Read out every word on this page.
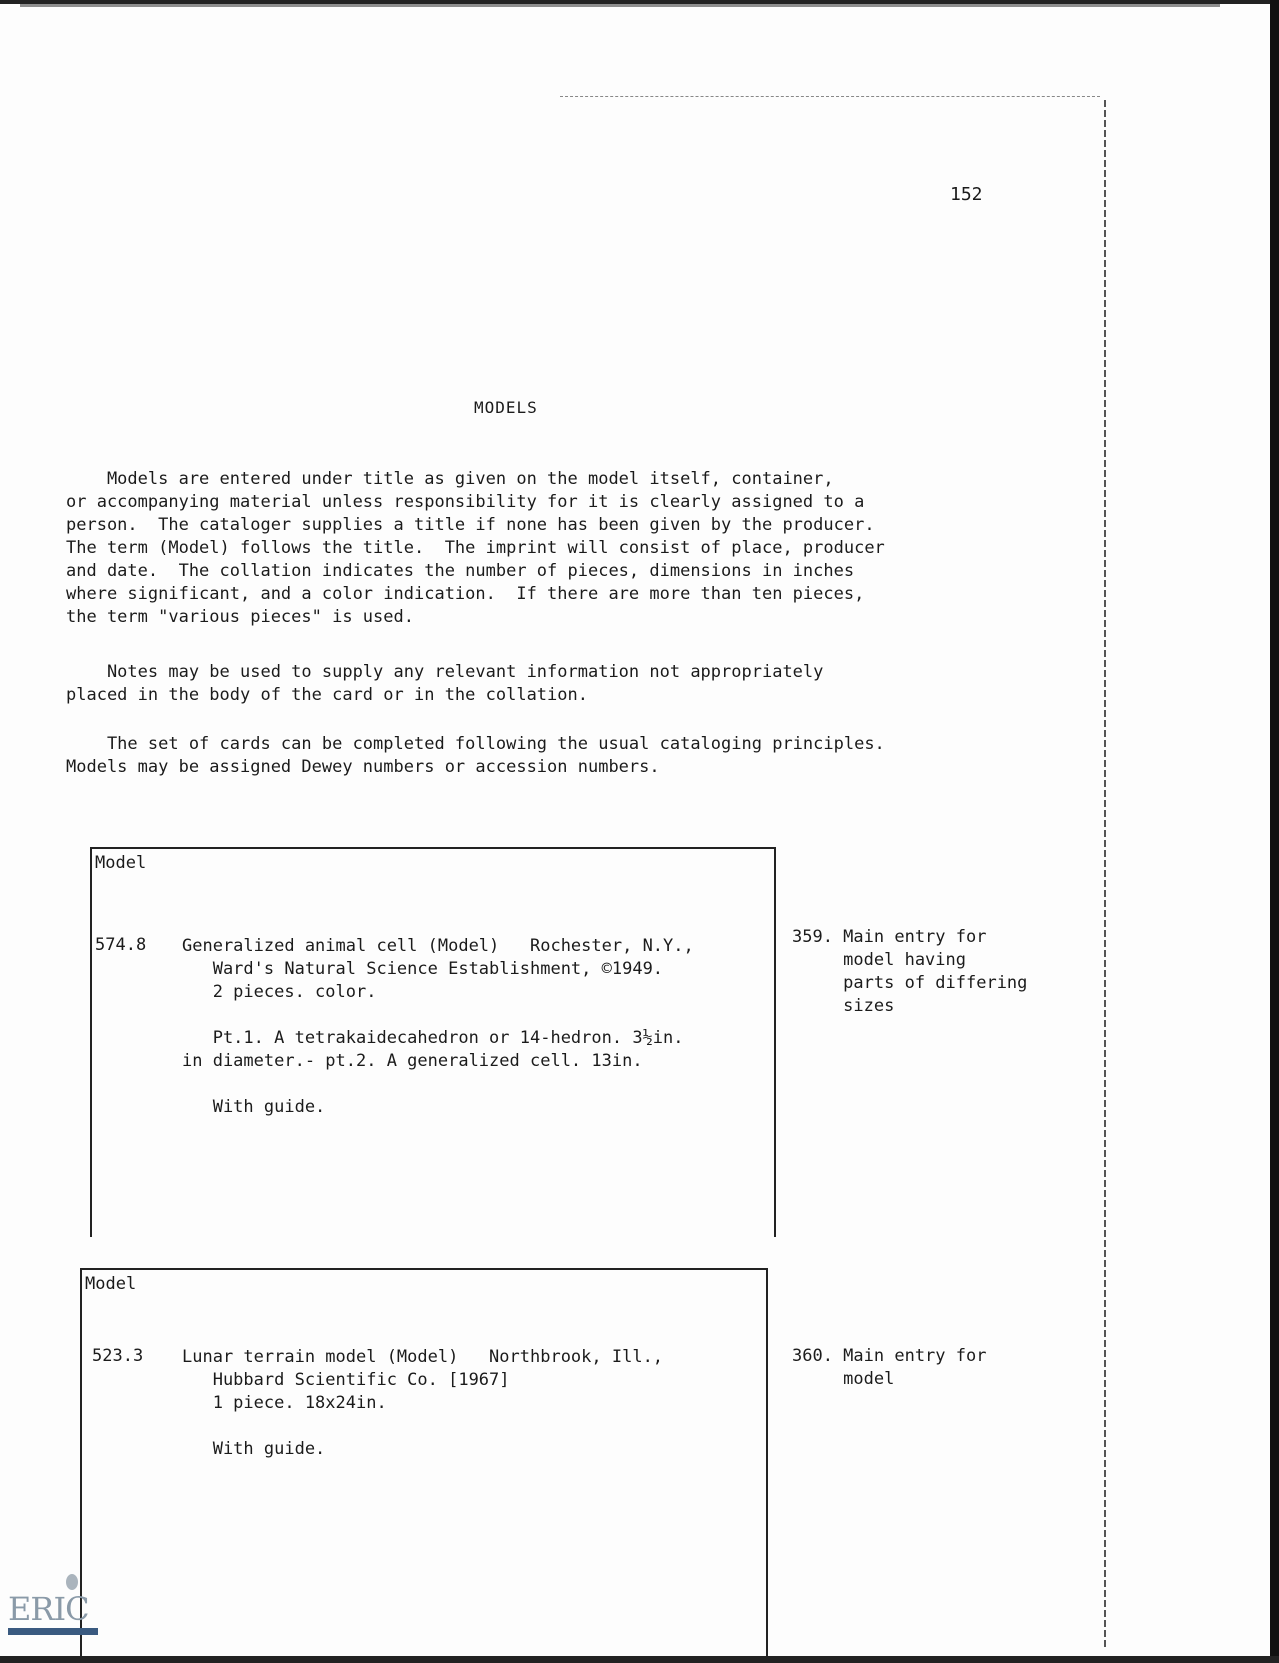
152
MODELS
Models are entered under title as given on the model itself, container,
or accompanying material unless responsibility for it is clearly assigned to a
person.  The cataloger supplies a title if none has been given by the producer.
The term (Model) follows the title.  The imprint will consist of place, producer
and date.  The collation indicates the number of pieces, dimensions in inches
where significant, and a color indication.  If there are more than ten pieces,
the term "various pieces" is used.
Notes may be used to supply any relevant information not appropriately
placed in the body of the card or in the collation.
The set of cards can be completed following the usual cataloging principles.
Models may be assigned Dewey numbers or accession numbers.
Model
574.8 Generalized animal cell (Model)   Rochester, N.Y.,
Ward's Natural Science Establishment, ©1949.
2 pieces. color.
Pt.1. A tetrakaidecahedron or 14-hedron. 3½in.
in diameter.- pt.2. A generalized cell. 13in.
With guide.
359. Main entry for
model having
parts of differing
sizes
Model
523.3 Lunar terrain model (Model)   Northbrook, Ill.,
Hubbard Scientific Co. [1967]
1 piece. 18x24in.
With guide.
360. Main entry for
model
ERIC
